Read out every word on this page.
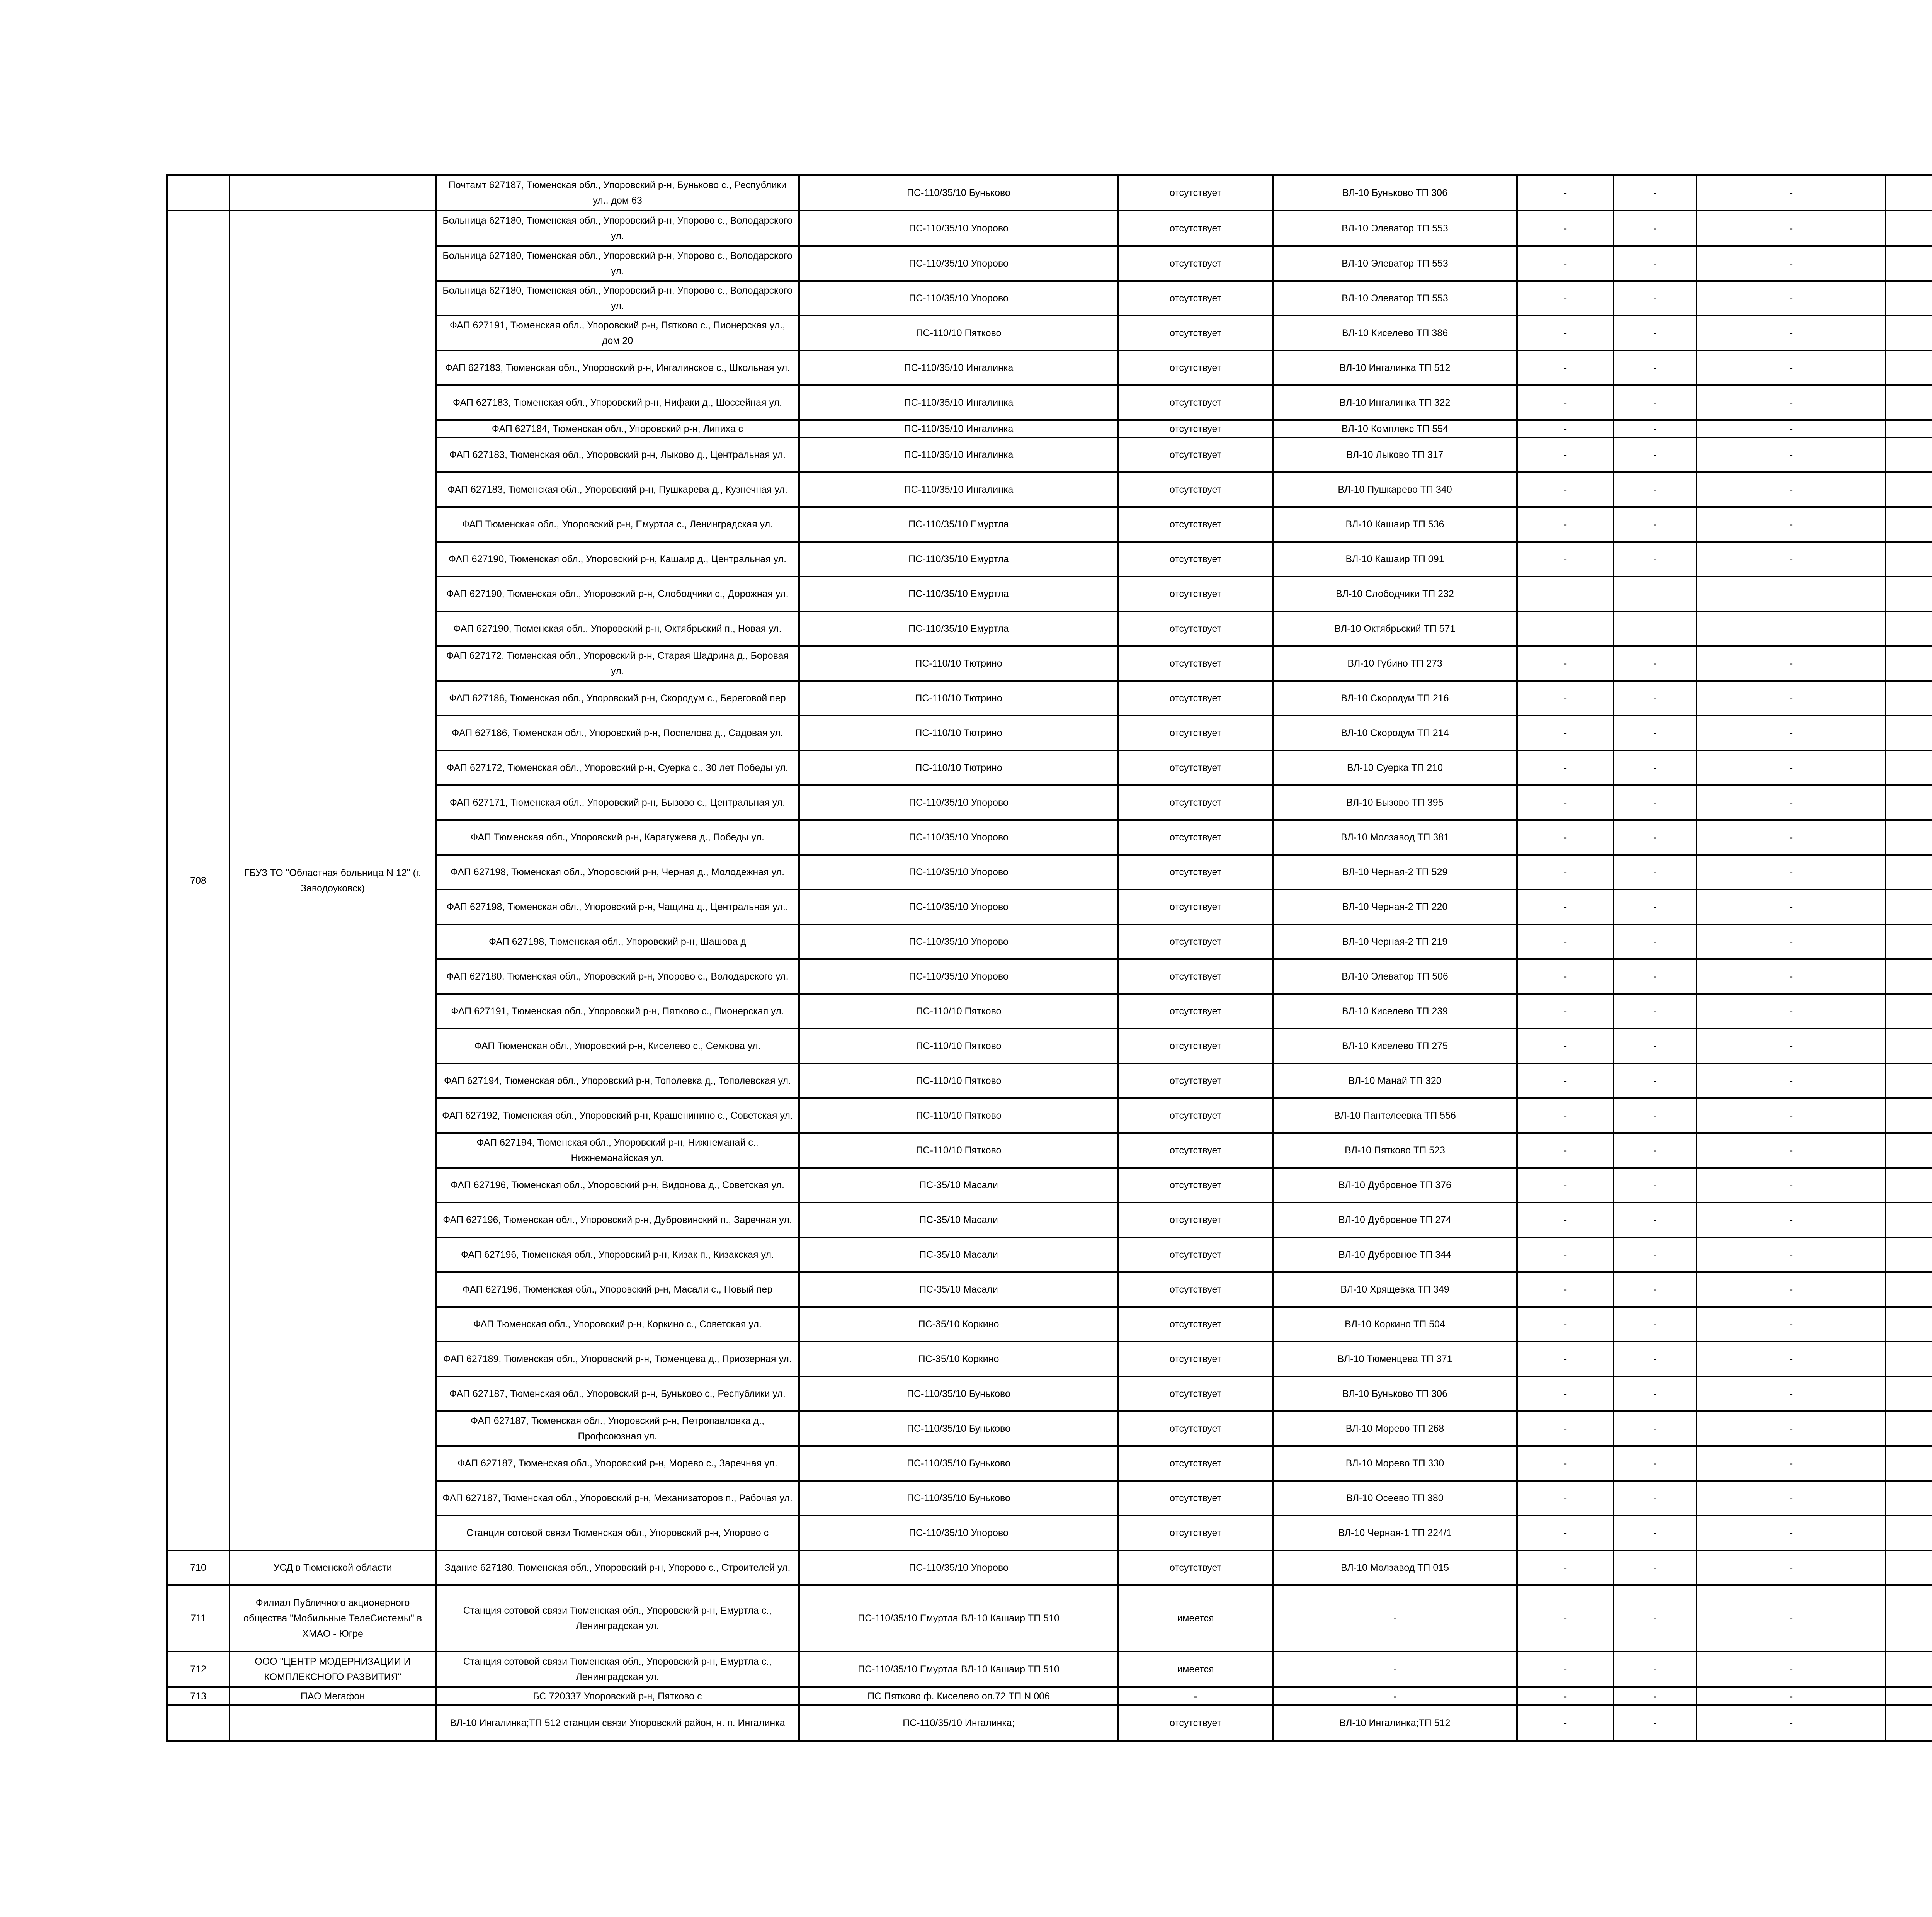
		Почтамт 627187, Тюменская обл., Упоровский р-н, Буньково с., Республики ул., дом 63	ПС-110/35/10 Буньково	отсутствует	ВЛ-10 Буньково ТП 306	-	-	-		
708	ГБУЗ ТО "Областная больница N 12" (г. Заводоуковск)	Больница 627180, Тюменская обл., Упоровский р-н, Упорово с., Володарского ул.	ПС-110/35/10 Упорово	отсутствует	ВЛ-10 Элеватор ТП 553	-	-	-		
		Больница 627180, Тюменская обл., Упоровский р-н, Упорово с., Володарского ул.	ПС-110/35/10 Упорово	отсутствует	ВЛ-10 Элеватор ТП 553	-	-	-		
		Больница 627180, Тюменская обл., Упоровский р-н, Упорово с., Володарского ул.	ПС-110/35/10 Упорово	отсутствует	ВЛ-10 Элеватор ТП 553	-	-	-		
		ФАП 627191, Тюменская обл., Упоровский р-н, Пятково с., Пионерская ул., дом 20	ПС-110/10 Пятково	отсутствует	ВЛ-10 Киселево ТП 386	-	-	-		
		ФАП 627183, Тюменская обл., Упоровский р-н, Ингалинское с., Школьная ул.	ПС-110/35/10 Ингалинка	отсутствует	ВЛ-10 Ингалинка ТП 512	-	-	-		
		ФАП 627183, Тюменская обл., Упоровский р-н, Нифаки д., Шоссейная ул.	ПС-110/35/10 Ингалинка	отсутствует	ВЛ-10 Ингалинка ТП 322	-	-	-		
		ФАП 627184, Тюменская обл., Упоровский р-н, Липиха с	ПС-110/35/10 Ингалинка	отсутствует	ВЛ-10 Комплекс ТП 554	-	-	-		
		ФАП 627183, Тюменская обл., Упоровский р-н, Лыково д., Центральная ул.	ПС-110/35/10 Ингалинка	отсутствует	ВЛ-10 Лыково ТП 317	-	-	-		
		ФАП 627183, Тюменская обл., Упоровский р-н, Пушкарева д., Кузнечная ул.	ПС-110/35/10 Ингалинка	отсутствует	ВЛ-10 Пушкарево ТП 340	-	-	-		
		ФАП Тюменская обл., Упоровский р-н, Емуртла с., Ленинградская ул.	ПС-110/35/10 Емуртла	отсутствует	ВЛ-10 Кашаир ТП 536	-	-	-		
		ФАП 627190, Тюменская обл., Упоровский р-н, Кашаир д., Центральная ул.	ПС-110/35/10 Емуртла	отсутствует	ВЛ-10 Кашаир ТП 091	-	-	-		
		ФАП 627190, Тюменская обл., Упоровский р-н, Слободчики с., Дорожная ул.	ПС-110/35/10 Емуртла	отсутствует	ВЛ-10 Слободчики ТП 232					
		ФАП 627190, Тюменская обл., Упоровский р-н, Октябрьский п., Новая ул.	ПС-110/35/10 Емуртла	отсутствует	ВЛ-10 Октябрьский ТП 571					
		ФАП 627172, Тюменская обл., Упоровский р-н, Старая Шадрина д., Боровая ул.	ПС-110/10 Тютрино	отсутствует	ВЛ-10 Губино ТП 273	-	-	-		
		ФАП 627186, Тюменская обл., Упоровский р-н, Скородум с., Береговой пер	ПС-110/10 Тютрино	отсутствует	ВЛ-10 Скородум ТП 216	-	-	-		
		ФАП 627186, Тюменская обл., Упоровский р-н, Поспелова д., Садовая ул.	ПС-110/10 Тютрино	отсутствует	ВЛ-10 Скородум ТП 214	-	-	-		
		ФАП 627172, Тюменская обл., Упоровский р-н, Суерка с., 30 лет Победы ул.	ПС-110/10 Тютрино	отсутствует	ВЛ-10 Суерка ТП 210	-	-	-		
		ФАП 627171, Тюменская обл., Упоровский р-н, Бызово с., Центральная ул.	ПС-110/35/10 Упорово	отсутствует	ВЛ-10 Бызово ТП 395	-	-	-		
		ФАП Тюменская обл., Упоровский р-н, Карагужева д., Победы ул.	ПС-110/35/10 Упорово	отсутствует	ВЛ-10 Молзавод ТП 381	-	-	-		
		ФАП 627198, Тюменская обл., Упоровский р-н, Черная д., Молодежная ул.	ПС-110/35/10 Упорово	отсутствует	ВЛ-10 Черная-2 ТП 529	-	-	-		
		ФАП 627198, Тюменская обл., Упоровский р-н, Чащина д., Центральная ул..	ПС-110/35/10 Упорово	отсутствует	ВЛ-10 Черная-2 ТП 220	-	-	-		
		ФАП 627198, Тюменская обл., Упоровский р-н, Шашова д	ПС-110/35/10 Упорово	отсутствует	ВЛ-10 Черная-2 ТП 219	-	-	-		
		ФАП 627180, Тюменская обл., Упоровский р-н, Упорово с., Володарского ул.	ПС-110/35/10 Упорово	отсутствует	ВЛ-10 Элеватор ТП 506	-	-	-		
		ФАП 627191, Тюменская обл., Упоровский р-н, Пятково с., Пионерская ул.	ПС-110/10 Пятково	отсутствует	ВЛ-10 Киселево ТП 239	-	-	-		
		ФАП Тюменская обл., Упоровский р-н, Киселево с., Семкова ул.	ПС-110/10 Пятково	отсутствует	ВЛ-10 Киселево ТП 275	-	-	-		
		ФАП 627194, Тюменская обл., Упоровский р-н, Тополевка д., Тополевская ул.	ПС-110/10 Пятково	отсутствует	ВЛ-10 Манай ТП 320	-	-	-		
		ФАП 627192, Тюменская обл., Упоровский р-н, Крашенинино с., Советская ул.	ПС-110/10 Пятково	отсутствует	ВЛ-10 Пантелеевка ТП 556	-	-	-		
		ФАП 627194, Тюменская обл., Упоровский р-н, Нижнеманай с., Нижнеманайская ул.	ПС-110/10 Пятково	отсутствует	ВЛ-10 Пятково ТП 523	-	-	-		
		ФАП 627196, Тюменская обл., Упоровский р-н, Видонова д., Советская ул.	ПС-35/10 Масали	отсутствует	ВЛ-10 Дубровное ТП 376	-	-	-		
		ФАП 627196, Тюменская обл., Упоровский р-н, Дубровинский п., Заречная ул.	ПС-35/10 Масали	отсутствует	ВЛ-10 Дубровное ТП 274	-	-	-		
		ФАП 627196, Тюменская обл., Упоровский р-н, Кизак п., Кизакская ул.	ПС-35/10 Масали	отсутствует	ВЛ-10 Дубровное ТП 344	-	-	-		
		ФАП 627196, Тюменская обл., Упоровский р-н, Масали с., Новый пер	ПС-35/10 Масали	отсутствует	ВЛ-10 Хрящевка ТП 349	-	-	-		
		ФАП Тюменская обл., Упоровский р-н, Коркино с., Советская ул.	ПС-35/10 Коркино	отсутствует	ВЛ-10 Коркино ТП 504	-	-	-		
		ФАП 627189, Тюменская обл., Упоровский р-н, Тюменцева д., Приозерная ул.	ПС-35/10 Коркино	отсутствует	ВЛ-10 Тюменцева ТП 371	-	-	-		
		ФАП 627187, Тюменская обл., Упоровский р-н, Буньково с., Республики ул.	ПС-110/35/10 Буньково	отсутствует	ВЛ-10 Буньково ТП 306	-	-	-		
		ФАП 627187, Тюменская обл., Упоровский р-н, Петропавловка д., Профсоюзная ул.	ПС-110/35/10 Буньково	отсутствует	ВЛ-10 Морево ТП 268	-	-	-		
		ФАП 627187, Тюменская обл., Упоровский р-н, Морево с., Заречная ул.	ПС-110/35/10 Буньково	отсутствует	ВЛ-10 Морево ТП 330	-	-	-		
		ФАП 627187, Тюменская обл., Упоровский р-н, Механизаторов п., Рабочая ул.	ПС-110/35/10 Буньково	отсутствует	ВЛ-10 Осеево ТП 380	-	-	-		
		Станция сотовой связи Тюменская обл., Упоровский р-н, Упорово с	ПС-110/35/10 Упорово	отсутствует	ВЛ-10 Черная-1 ТП 224/1	-	-	-		
710	УСД в Тюменской области	Здание 627180, Тюменская обл., Упоровский р-н, Упорово с., Строителей ул.	ПС-110/35/10 Упорово	отсутствует	ВЛ-10 Молзавод ТП 015	-	-	-		
711	Филиал Публичного акционерного общества "Мобильные ТелеСистемы" в ХМАО - Югре	Станция сотовой связи Тюменская обл., Упоровский р-н, Емуртла с., Ленинградская ул.	ПС-110/35/10 Емуртла ВЛ-10 Кашаир ТП 510	имеется	-	-	-	-		
712	ООО "ЦЕНТР МОДЕРНИЗАЦИИ И КОМПЛЕКСНОГО РАЗВИТИЯ"	Станция сотовой связи Тюменская обл., Упоровский р-н, Емуртла с., Ленинградская ул.	ПС-110/35/10 Емуртла ВЛ-10 Кашаир ТП 510	имеется	-	-	-	-		
713	ПАО Мегафон	БС 720337 Упоровский р-н, Пятково с	ПС Пятково ф. Киселево оп.72 ТП N 006	-	-	-	-	-		
		ВЛ-10 Ингалинка;ТП 512 станция связи Упоровский район, н. п. Ингалинка	ПС-110/35/10 Ингалинка;	отсутствует	ВЛ-10 Ингалинка;ТП 512	-	-	-		
